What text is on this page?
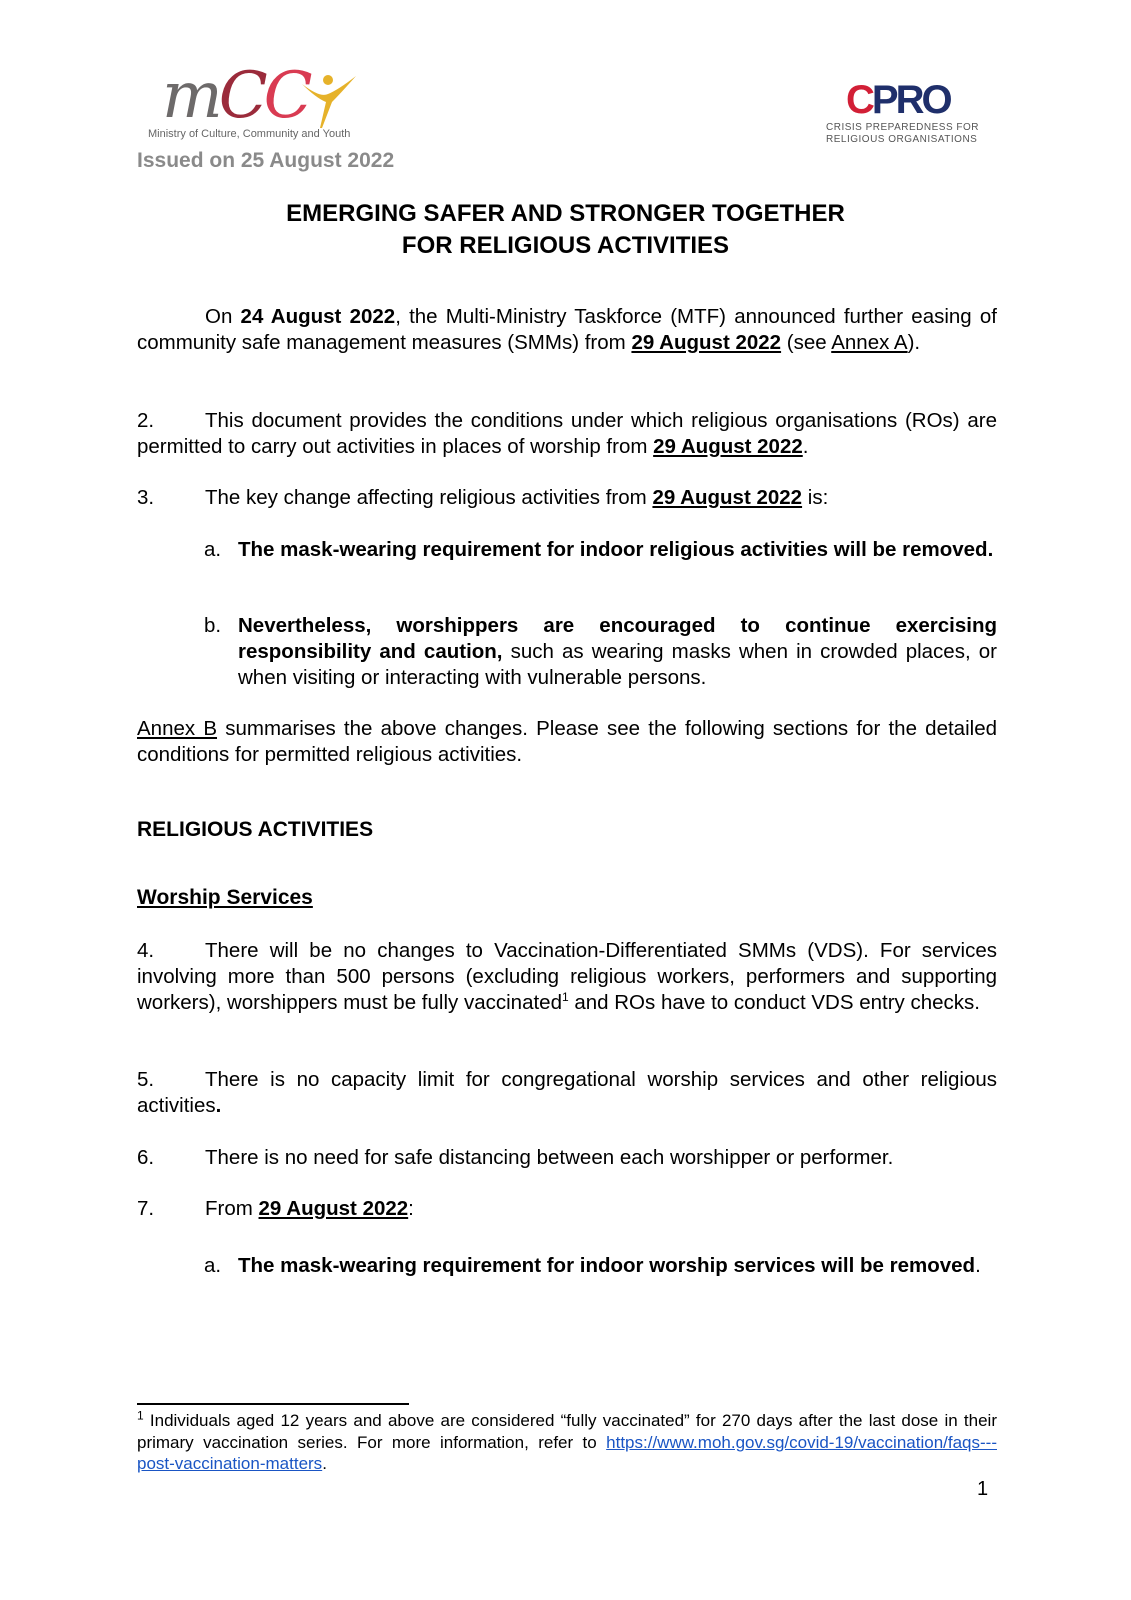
mCC
Ministry of Culture, Community and Youth
Issued on 25 August 2022
CPRO
CRISIS PREPAREDNESS FOR
RELIGIOUS ORGANISATIONS
EMERGING SAFER AND STRONGER TOGETHER
FOR RELIGIOUS ACTIVITIES
On 24 August 2022, the Multi-Ministry Taskforce (MTF) announced further easing of community safe management measures (SMMs) from 29 August 2022 (see Annex A).
2. This document provides the conditions under which religious organisations (ROs) are permitted to carry out activities in places of worship from 29 August 2022.
3. The key change affecting religious activities from 29 August 2022 is:
a. The mask-wearing requirement for indoor religious activities will be removed.
b. Nevertheless, worshippers are encouraged to continue exercising responsibility and caution, such as wearing masks when in crowded places, or when visiting or interacting with vulnerable persons.
Annex B summarises the above changes. Please see the following sections for the detailed conditions for permitted religious activities.
RELIGIOUS ACTIVITIES
Worship Services
4. There will be no changes to Vaccination-Differentiated SMMs (VDS). For services involving more than 500 persons (excluding religious workers, performers and supporting workers), worshippers must be fully vaccinated$^1$ and ROs have to conduct VDS entry checks.
5. There is no capacity limit for congregational worship services and other religious activities.
6. There is no need for safe distancing between each worshipper or performer.
7. From 29 August 2022:
a. The mask-wearing requirement for indoor worship services will be removed.
$^1$ Individuals aged 12 years and above are considered “fully vaccinated” for 270 days after the last dose in their primary vaccination series. For more information, refer to https://www.moh.gov.sg/covid-19/vaccination/faqs---post-vaccination-matters.
1
